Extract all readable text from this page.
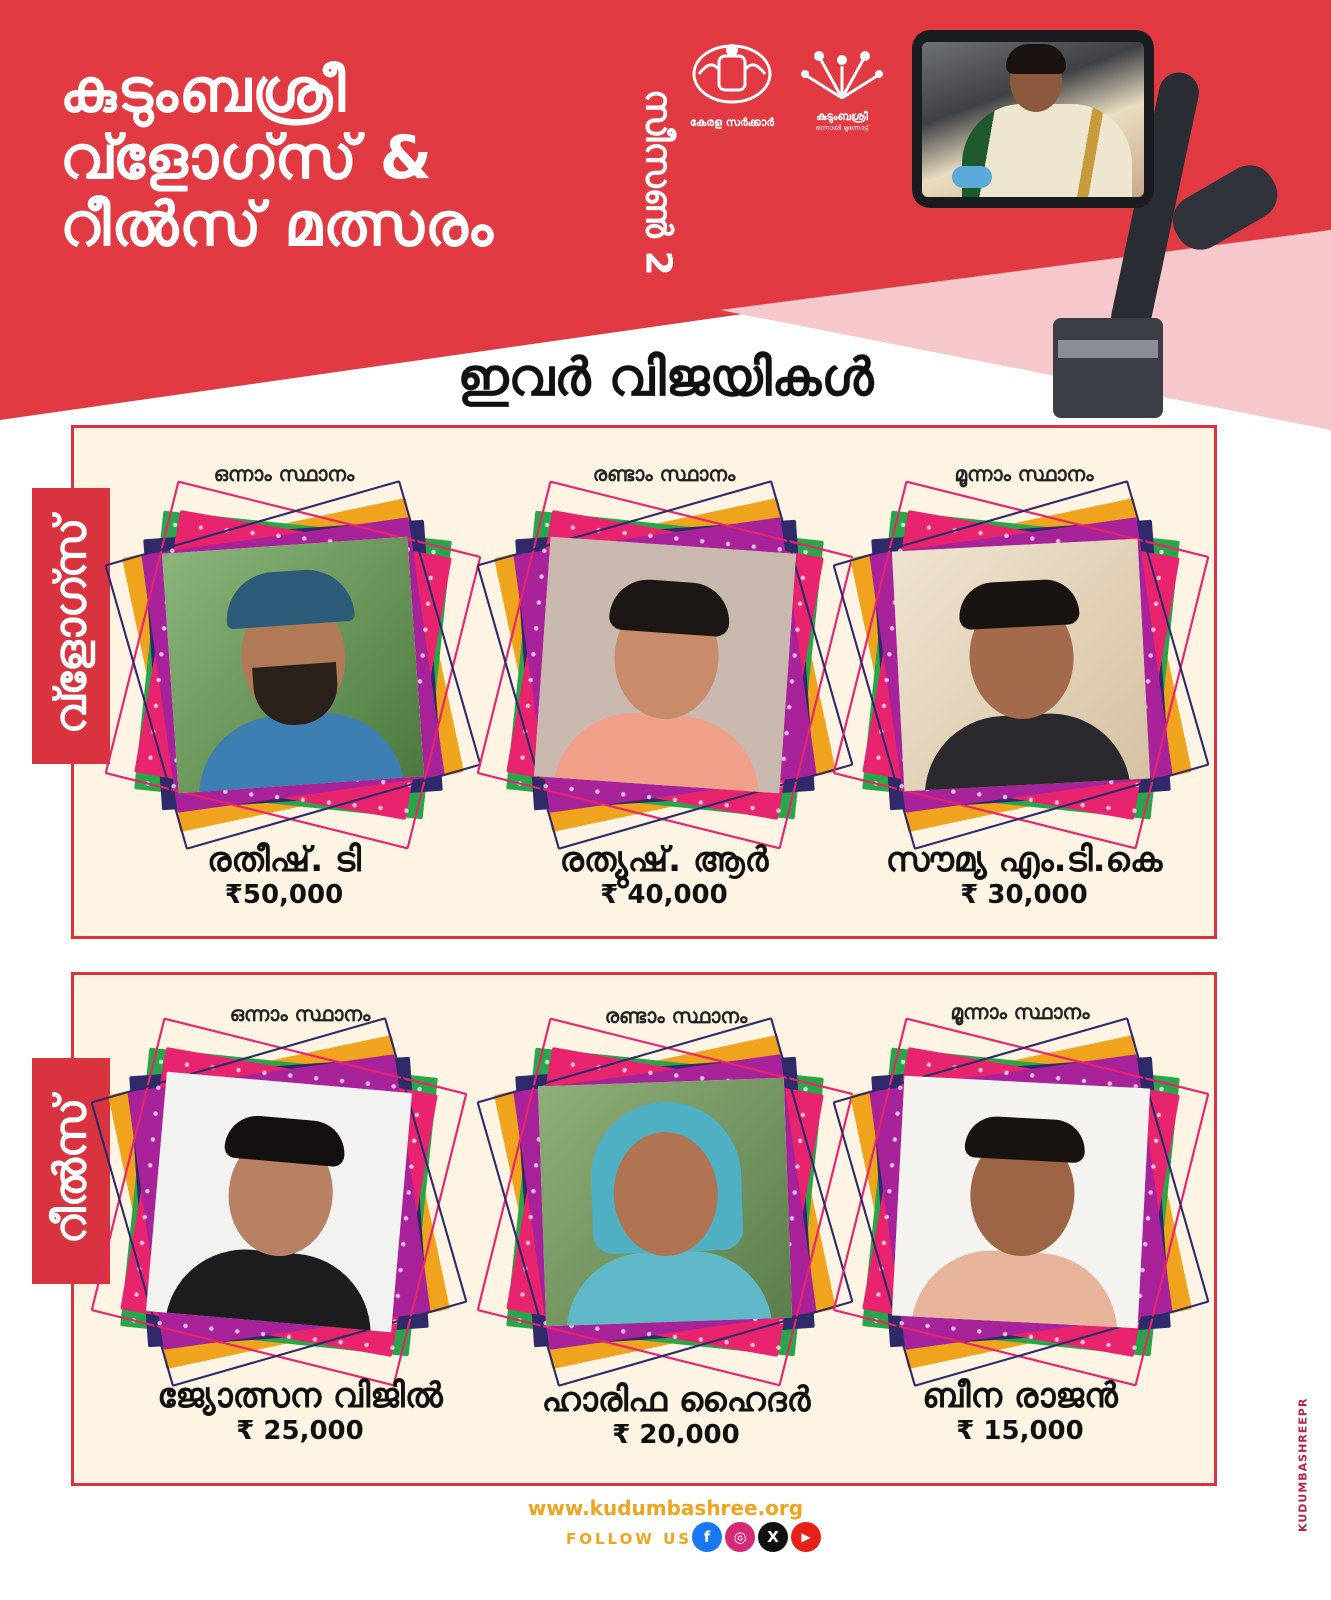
കുടുംബശ്രീ
വ്ളോഗ്സ് &
റീൽസ് മത്സരം	സീസൺ 2	കേരള സർക്കാർ	കുടുംബശ്രീ
ഒന്നായി മുന്നോട്ട്
ഇവർ വിജയികൾ
വ്ളോഗ്സ്
ഒന്നാം സ്ഥാനം
രതീഷ്. ടി
₹50,000
രണ്ടാം സ്ഥാനം
രത്യുഷ്. ആർ
₹ 40,000
മൂന്നാം സ്ഥാനം
സൗമ്യ എം.ടി.കെ
₹ 30,000
റീൽസ്
ഒന്നാം സ്ഥാനം
ജ്യോത്സന വിജിൽ
₹ 25,000
രണ്ടാം സ്ഥാനം
ഹാരിഫ ഹൈദർ
₹ 20,000
മൂന്നാം സ്ഥാനം
ബീന രാജൻ
₹ 15,000
www.kudumbashree.org
FOLLOW US f	◎	X	▶
KUDUMBASHREEPR
